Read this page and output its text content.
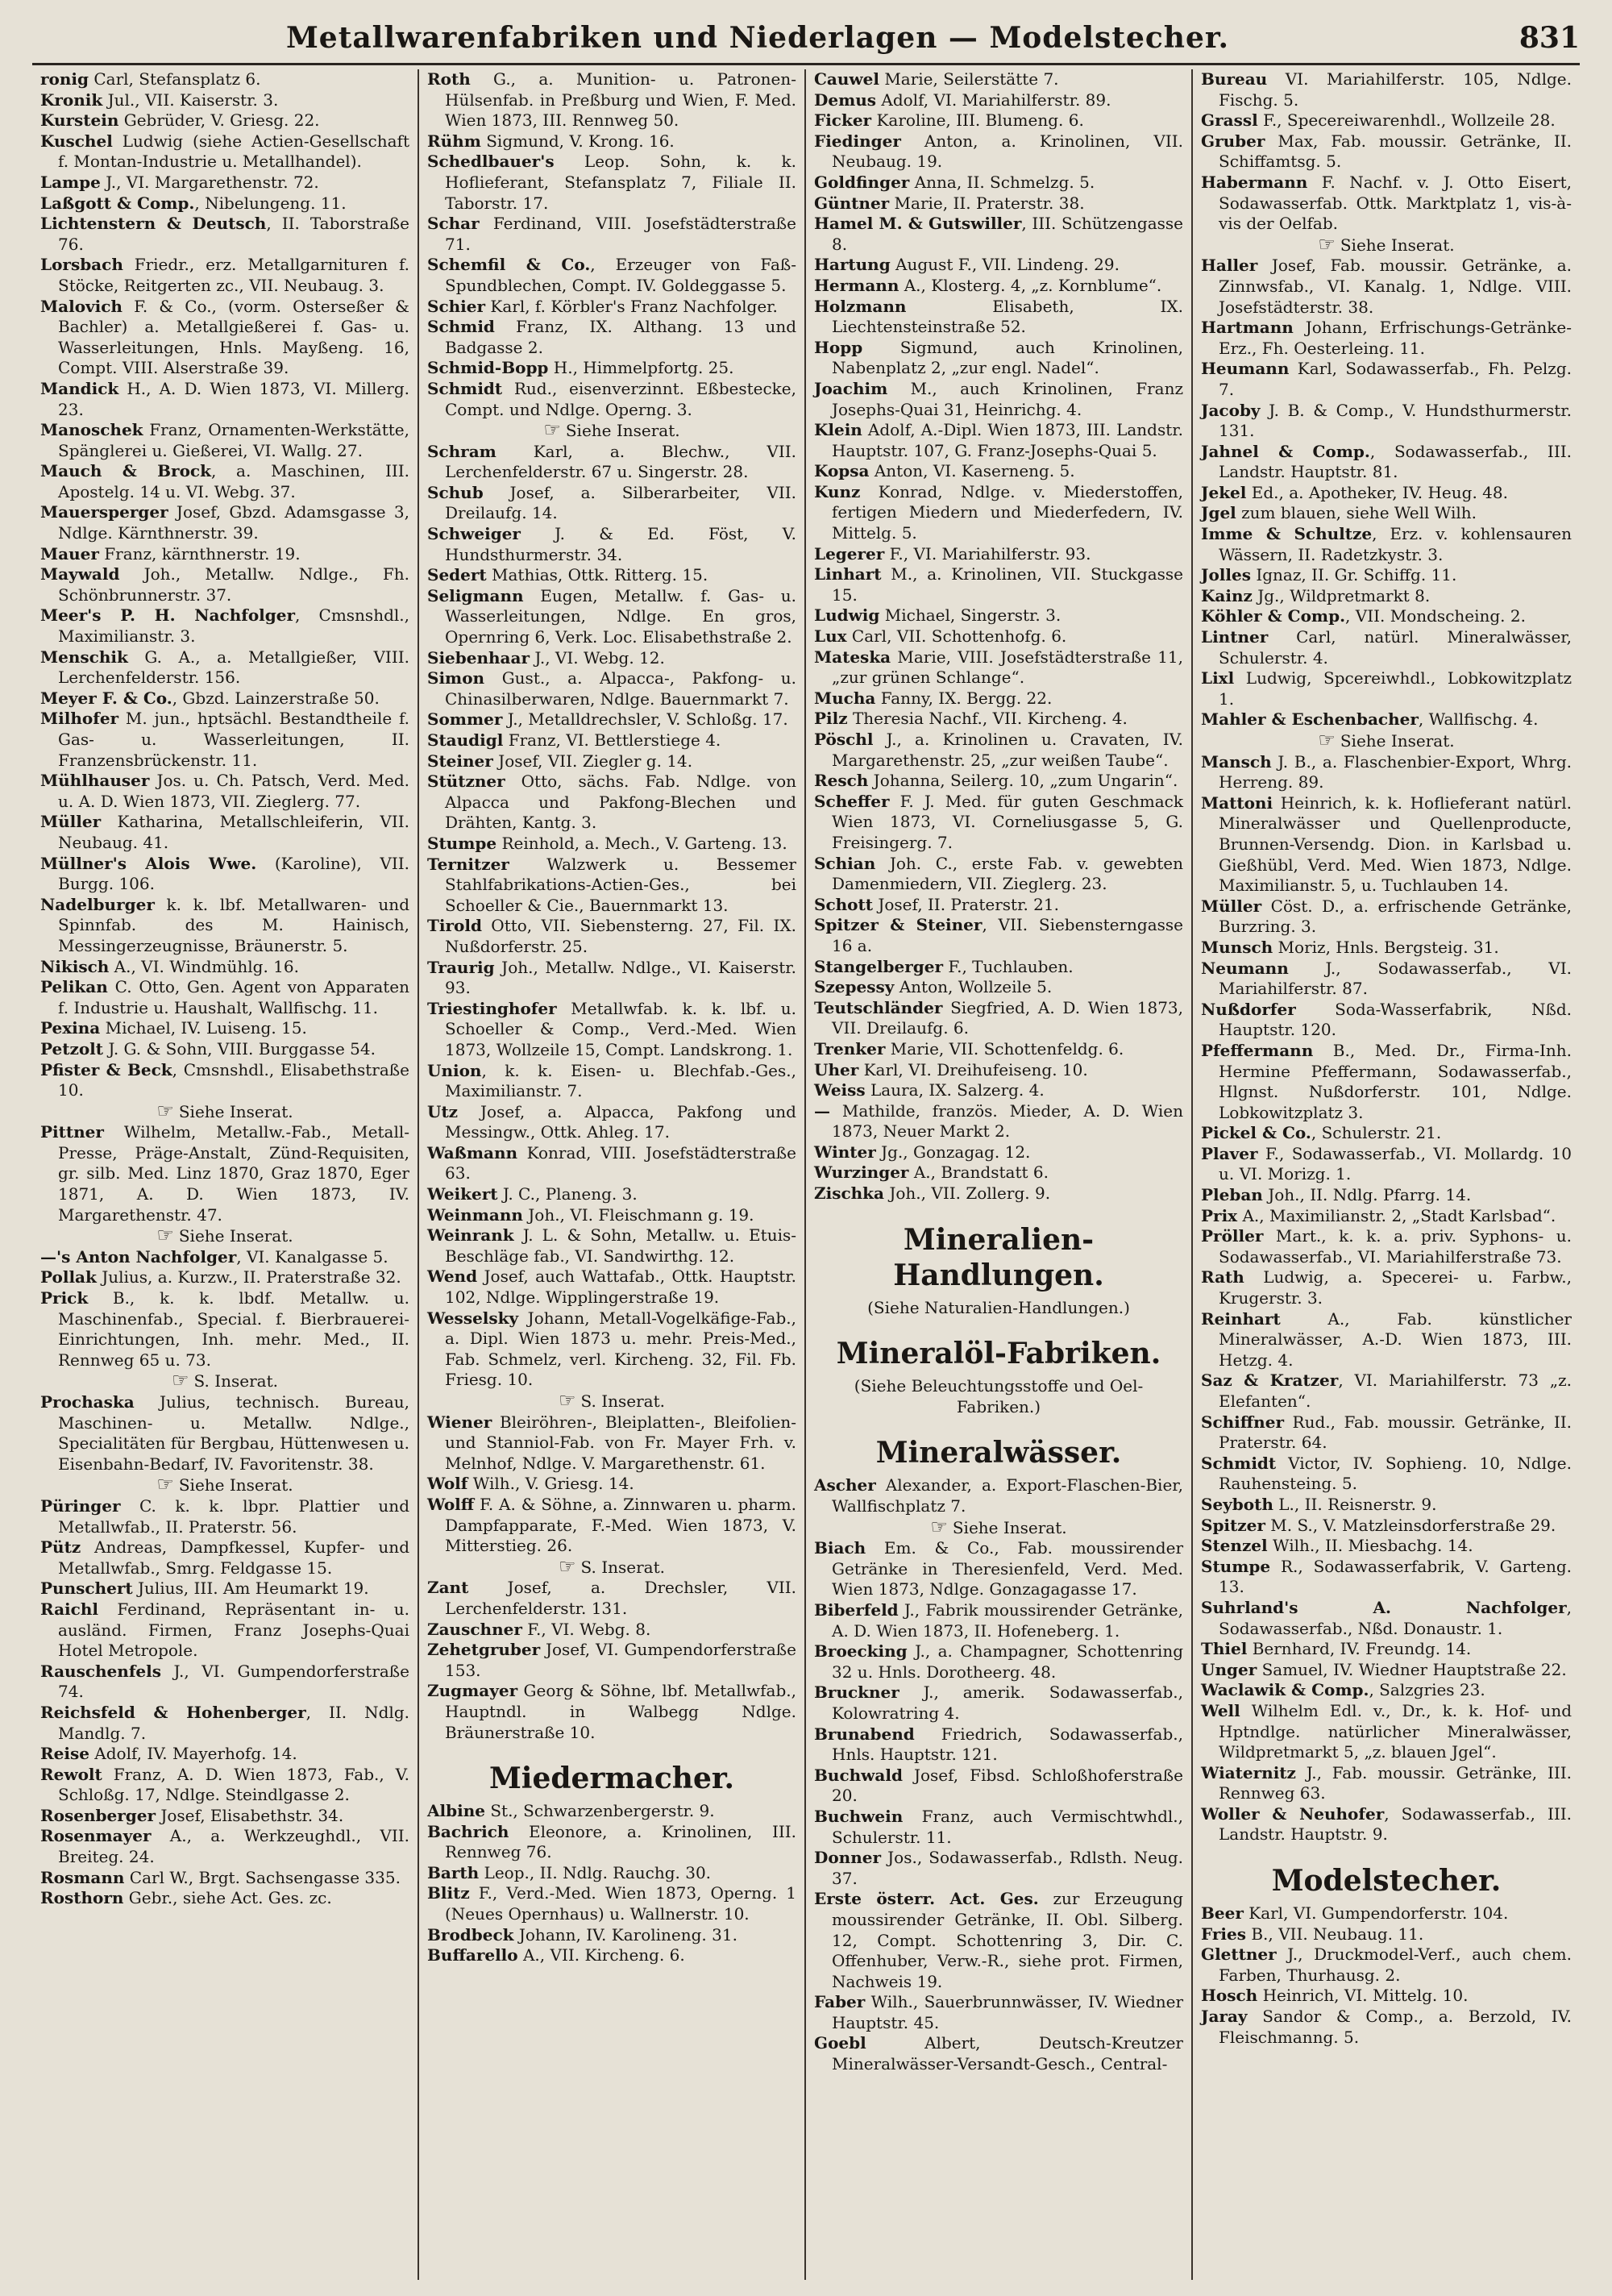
Metallwarenfabriken und Niederlagen — Modelstecher.	831

ronig Carl, Stefansplatz 6.

Kronik Jul., VII. Kaiserstr. 3.

Kurstein Gebrüder, V. Griesg. 22.

Kuschel Ludwig (siehe Actien-Gesellschaft f. Montan-Industrie u. Metallhandel).

Lampe J., VI. Margarethenstr. 72.

Laßgott & Comp., Nibelungeng. 11.

Lichtenstern & Deutsch, II. Taborstraße 76.

Lorsbach Friedr., erz. Metallgarnituren f. Stöcke, Reitgerten zc., VII. Neubaug. 3.

Malovich F. & Co., (vorm. Osterseßer & Bachler) a. Metallgießerei f. Gas- u. Wasserleitungen, Hnls. Mayßeng. 16, Compt. VIII. Alserstraße 39.

Mandick H., A. D. Wien 1873, VI. Millerg. 23.

Manoschek Franz, Ornamenten-Werkstätte, Spänglerei u. Gießerei, VI. Wallg. 27.

Mauch & Brock, a. Maschinen, III. Apostelg. 14 u. VI. Webg. 37.

Mauersperger Josef, Gbzd. Adamsgasse 3, Ndlge. Kärnthnerstr. 39.

Mauer Franz, kärnthnerstr. 19.

Maywald Joh., Metallw. Ndlge., Fh. Schönbrunnerstr. 37.

Meer's P. H. Nachfolger, Cmsnshdl., Maximilianstr. 3.

Menschik G. A., a. Metallgießer, VIII. Lerchenfelderstr. 156.

Meyer F. & Co., Gbzd. Lainzerstraße 50.

Milhofer M. jun., hptsächl. Bestandtheile f. Gas- u. Wasserleitungen, II. Franzensbrückenstr. 11.

Mühlhauser Jos. u. Ch. Patsch, Verd. Med. u. A. D. Wien 1873, VII. Zieglerg. 77.

Müller Katharina, Metallschleiferin, VII. Neubaug. 41.

Müllner's Alois Wwe. (Karoline), VII. Burgg. 106.

Nadelburger k. k. lbf. Metallwaren- und Spinnfab. des M. Hainisch, Messingerzeugnisse, Bräunerstr. 5.

Nikisch A., VI. Windmühlg. 16.

Pelikan C. Otto, Gen. Agent von Apparaten f. Industrie u. Haushalt, Wallfischg. 11.

Pexina Michael, IV. Luiseng. 15.

Petzolt J. G. & Sohn, VIII. Burggasse 54.

Pfister & Beck, Cmsnshdl., Elisabethstraße 10.

☞ Siehe Inserat.

Pittner Wilhelm, Metallw.-Fab., Metall-Presse, Präge-Anstalt, Zünd-Requisiten, gr. silb. Med. Linz 1870, Graz 1870, Eger 1871, A. D. Wien 1873, IV. Margarethenstr. 47.

☞ Siehe Inserat.

—'s Anton Nachfolger, VI. Kanalgasse 5.

Pollak Julius, a. Kurzw., II. Praterstraße 32.

Prick B., k. k. lbdf. Metallw. u. Maschinenfab., Special. f. Bierbrauerei-Einrichtungen, Inh. mehr. Med., II. Rennweg 65 u. 73.

☞ S. Inserat.

Prochaska Julius, technisch. Bureau, Maschinen- u. Metallw. Ndlge., Specialitäten für Bergbau, Hüttenwesen u. Eisenbahn-Bedarf, IV. Favoritenstr. 38.

☞ Siehe Inserat.

Püringer C. k. k. lbpr. Plattier und Metallwfab., II. Praterstr. 56.

Pütz Andreas, Dampfkessel, Kupfer- und Metallwfab., Smrg. Feldgasse 15.

Punschert Julius, III. Am Heumarkt 19.

Raichl Ferdinand, Repräsentant in- u. ausländ. Firmen, Franz Josephs-Quai Hotel Metropole.

Rauschenfels J., VI. Gumpendorferstraße 74.

Reichsfeld & Hohenberger, II. Ndlg. Mandlg. 7.

Reise Adolf, IV. Mayerhofg. 14.

Rewolt Franz, A. D. Wien 1873, Fab., V. Schloßg. 17, Ndlge. Steindlgasse 2.

Rosenberger Josef, Elisabethstr. 34.

Rosenmayer A., a. Werkzeughdl., VII. Breiteg. 24.

Rosmann Carl W., Brgt. Sachsengasse 335.

Rosthorn Gebr., siehe Act. Ges. zc.

Roth G., a. Munition- u. Patronen-Hülsenfab. in Preßburg und Wien, F. Med. Wien 1873, III. Rennweg 50.

Rühm Sigmund, V. Krong. 16.

Schedlbauer's Leop. Sohn, k. k. Hoflieferant, Stefansplatz 7, Filiale II. Taborstr. 17.

Schar Ferdinand, VIII. Josefstädterstraße 71.

Schemfil & Co., Erzeuger von Faß-Spundblechen, Compt. IV. Goldeggasse 5.

Schier Karl, f. Körbler's Franz Nachfolger.

Schmid Franz, IX. Althang. 13 und Badgasse 2.

Schmid-Bopp H., Himmelpfortg. 25.

Schmidt Rud., eisenverzinnt. Eßbestecke, Compt. und Ndlge. Operng. 3.

☞ Siehe Inserat.

Schram Karl, a. Blechw., VII. Lerchenfelderstr. 67 u. Singerstr. 28.

Schub Josef, a. Silberarbeiter, VII. Dreilaufg. 14.

Schweiger J. & Ed. Föst, V. Hundsthurmerstr. 34.

Sedert Mathias, Ottk. Ritterg. 15.

Seligmann Eugen, Metallw. f. Gas- u. Wasserleitungen, Ndlge. En gros, Opernring 6, Verk. Loc. Elisabethstraße 2.

Siebenhaar J., VI. Webg. 12.

Simon Gust., a. Alpacca-, Pakfong- u. Chinasilberwaren, Ndlge. Bauernmarkt 7.

Sommer J., Metalldrechsler, V. Schloßg. 17.

Staudigl Franz, VI. Bettlerstiege 4.

Steiner Josef, VII. Ziegler g. 14.

Stützner Otto, sächs. Fab. Ndlge. von Alpacca und Pakfong-Blechen und Drähten, Kantg. 3.

Stumpe Reinhold, a. Mech., V. Garteng. 13.

Ternitzer Walzwerk u. Bessemer Stahlfabrikations-Actien-Ges., bei Schoeller & Cie., Bauernmarkt 13.

Tirold Otto, VII. Siebensterng. 27, Fil. IX. Nußdorferstr. 25.

Traurig Joh., Metallw. Ndlge., VI. Kaiserstr. 93.

Triestinghofer Metallwfab. k. k. lbf. u. Schoeller & Comp., Verd.-Med. Wien 1873, Wollzeile 15, Compt. Landskrong. 1.

Union, k. k. Eisen- u. Blechfab.-Ges., Maximilianstr. 7.

Utz Josef, a. Alpacca, Pakfong und Messingw., Ottk. Ahleg. 17.

Waßmann Konrad, VIII. Josefstädterstraße 63.

Weikert J. C., Planeng. 3.

Weinmann Joh., VI. Fleischmann g. 19.

Weinrank J. L. & Sohn, Metallw. u. Etuis-Beschläge fab., VI. Sandwirthg. 12.

Wend Josef, auch Wattafab., Ottk. Hauptstr. 102, Ndlge. Wipplingerstraße 19.

Wesselsky Johann, Metall-Vogelkäfige-Fab., a. Dipl. Wien 1873 u. mehr. Preis-Med., Fab. Schmelz, verl. Kircheng. 32, Fil. Fb. Friesg. 10.

☞ S. Inserat.

Wiener Bleiröhren-, Bleiplatten-, Bleifolien- und Stanniol-Fab. von Fr. Mayer Frh. v. Melnhof, Ndlge. V. Margarethenstr. 61.

Wolf Wilh., V. Griesg. 14.

Wolff F. A. & Söhne, a. Zinnwaren u. pharm. Dampfapparate, F.-Med. Wien 1873, V. Mitterstieg. 26.

☞ S. Inserat.

Zant Josef, a. Drechsler, VII. Lerchenfelderstr. 131.

Zauschner F., VI. Webg. 8.

Zehetgruber Josef, VI. Gumpendorferstraße 153.

Zugmayer Georg & Söhne, lbf. Metallwfab., Hauptndl. in Walbegg Ndlge. Bräunerstraße 10.

Miedermacher.

Albine St., Schwarzenbergerstr. 9.

Bachrich Eleonore, a. Krinolinen, III. Rennweg 76.

Barth Leop., II. Ndlg. Rauchg. 30.

Blitz F., Verd.-Med. Wien 1873, Operng. 1 (Neues Opernhaus) u. Wallnerstr. 10.

Brodbeck Johann, IV. Karolineng. 31.

Buffarello A., VII. Kircheng. 6.

Cauwel Marie, Seilerstätte 7.

Demus Adolf, VI. Mariahilferstr. 89.

Ficker Karoline, III. Blumeng. 6.

Fiedinger Anton, a. Krinolinen, VII. Neubaug. 19.

Goldfinger Anna, II. Schmelzg. 5.

Güntner Marie, II. Praterstr. 38.

Hamel M. & Gutswiller, III. Schützengasse 8.

Hartung August F., VII. Lindeng. 29.

Hermann A., Klosterg. 4, „z. Kornblume“.

Holzmann Elisabeth, IX. Liechtensteinstraße 52.

Hopp Sigmund, auch Krinolinen, Nabenplatz 2, „zur engl. Nadel“.

Joachim M., auch Krinolinen, Franz Josephs-Quai 31, Heinrichg. 4.

Klein Adolf, A.-Dipl. Wien 1873, III. Landstr. Hauptstr. 107, G. Franz-Josephs-Quai 5.

Kopsa Anton, VI. Kaserneng. 5.

Kunz Konrad, Ndlge. v. Miederstoffen, fertigen Miedern und Miederfedern, IV. Mittelg. 5.

Legerer F., VI. Mariahilferstr. 93.

Linhart M., a. Krinolinen, VII. Stuckgasse 15.

Ludwig Michael, Singerstr. 3.

Lux Carl, VII. Schottenhofg. 6.

Mateska Marie, VIII. Josefstädterstraße 11, „zur grünen Schlange“.

Mucha Fanny, IX. Bergg. 22.

Pilz Theresia Nachf., VII. Kircheng. 4.

Pöschl J., a. Krinolinen u. Cravaten, IV. Margarethenstr. 25, „zur weißen Taube“.

Resch Johanna, Seilerg. 10, „zum Ungarin“.

Scheffer F. J. Med. für guten Geschmack Wien 1873, VI. Corneliusgasse 5, G. Freisingerg. 7.

Schian Joh. C., erste Fab. v. gewebten Damenmiedern, VII. Zieglerg. 23.

Schott Josef, II. Praterstr. 21.

Spitzer & Steiner, VII. Siebensterngasse 16 a.

Stangelberger F., Tuchlauben.

Szepessy Anton, Wollzeile 5.

Teutschländer Siegfried, A. D. Wien 1873, VII. Dreilaufg. 6.

Trenker Marie, VII. Schottenfeldg. 6.

Uher Karl, VI. Dreihufeiseng. 10.

Weiss Laura, IX. Salzerg. 4.

— Mathilde, französ. Mieder, A. D. Wien 1873, Neuer Markt 2.

Winter Jg., Gonzagag. 12.

Wurzinger A., Brandstatt 6.

Zischka Joh., VII. Zollerg. 9.

Mineralien-Handlungen.

(Siehe Naturalien-Handlungen.)

Mineralöl-Fabriken.

(Siehe Beleuchtungsstoffe und Oel-Fabriken.)

Mineralwässer.

Ascher Alexander, a. Export-Flaschen-Bier, Wallfischplatz 7.

☞ Siehe Inserat.

Biach Em. & Co., Fab. moussirender Getränke in Theresienfeld, Verd. Med. Wien 1873, Ndlge. Gonzagagasse 17.

Biberfeld J., Fabrik moussirender Getränke, A. D. Wien 1873, II. Hofeneberg. 1.

Broecking J., a. Champagner, Schottenring 32 u. Hnls. Dorotheerg. 48.

Bruckner J., amerik. Sodawasserfab., Kolowratring 4.

Brunabend Friedrich, Sodawasserfab., Hnls. Hauptstr. 121.

Buchwald Josef, Fibsd. Schloßhoferstraße 20.

Buchwein Franz, auch Vermischtwhdl., Schulerstr. 11.

Donner Jos., Sodawasserfab., Rdlsth. Neug. 37.

Erste österr. Act. Ges. zur Erzeugung moussirender Getränke, II. Obl. Silberg. 12, Compt. Schottenring 3, Dir. C. Offenhuber, Verw.-R., siehe prot. Firmen, Nachweis 19.

Faber Wilh., Sauerbrunnwässer, IV. Wiedner Hauptstr. 45.

Goebl Albert, Deutsch-Kreutzer Mineralwässer-Versandt-Gesch., Central-

Bureau VI. Mariahilferstr. 105, Ndlge. Fischg. 5.

Grassl F., Specereiwarenhdl., Wollzeile 28.

Gruber Max, Fab. moussir. Getränke, II. Schiffamtsg. 5.

Habermann F. Nachf. v. J. Otto Eisert, Sodawasserfab. Ottk. Marktplatz 1, vis-à-vis der Oelfab.

☞ Siehe Inserat.

Haller Josef, Fab. moussir. Getränke, a. Zinnwsfab., VI. Kanalg. 1, Ndlge. VIII. Josefstädterstr. 38.

Hartmann Johann, Erfrischungs-Getränke-Erz., Fh. Oesterleing. 11.

Heumann Karl, Sodawasserfab., Fh. Pelzg. 7.

Jacoby J. B. & Comp., V. Hundsthurmerstr. 131.

Jahnel & Comp., Sodawasserfab., III. Landstr. Hauptstr. 81.

Jekel Ed., a. Apotheker, IV. Heug. 48.

Jgel zum blauen, siehe Well Wilh.

Imme & Schultze, Erz. v. kohlensauren Wässern, II. Radetzkystr. 3.

Jolles Ignaz, II. Gr. Schiffg. 11.

Kainz Jg., Wildpretmarkt 8.

Köhler & Comp., VII. Mondscheing. 2.

Lintner Carl, natürl. Mineralwässer, Schulerstr. 4.

Lixl Ludwig, Spcereiwhdl., Lobkowitzplatz 1.

Mahler & Eschenbacher, Wallfischg. 4.

☞ Siehe Inserat.

Mansch J. B., a. Flaschenbier-Export, Whrg. Herreng. 89.

Mattoni Heinrich, k. k. Hoflieferant natürl. Mineralwässer und Quellenproducte, Brunnen-Versendg. Dion. in Karlsbad u. Gießhübl, Verd. Med. Wien 1873, Ndlge. Maximilianstr. 5, u. Tuchlauben 14.

Müller Cöst. D., a. erfrischende Getränke, Burzring. 3.

Munsch Moriz, Hnls. Bergsteig. 31.

Neumann J., Sodawasserfab., VI. Mariahilferstr. 87.

Nußdorfer Soda-Wasserfabrik, Nßd. Hauptstr. 120.

Pfeffermann B., Med. Dr., Firma-Inh. Hermine Pfeffermann, Sodawasserfab., Hlgnst. Nußdorferstr. 101, Ndlge. Lobkowitzplatz 3.

Pickel & Co., Schulerstr. 21.

Plaver F., Sodawasserfab., VI. Mollardg. 10 u. VI. Morizg. 1.

Pleban Joh., II. Ndlg. Pfarrg. 14.

Prix A., Maximilianstr. 2, „Stadt Karlsbad“.

Pröller Mart., k. k. a. priv. Syphons- u. Sodawasserfab., VI. Mariahilferstraße 73.

Rath Ludwig, a. Specerei- u. Farbw., Krugerstr. 3.

Reinhart A., Fab. künstlicher Mineralwässer, A.-D. Wien 1873, III. Hetzg. 4.

Saz & Kratzer, VI. Mariahilferstr. 73 „z. Elefanten“.

Schiffner Rud., Fab. moussir. Getränke, II. Praterstr. 64.

Schmidt Victor, IV. Sophieng. 10, Ndlge. Rauhensteing. 5.

Seyboth L., II. Reisnerstr. 9.

Spitzer M. S., V. Matzleinsdorferstraße 29.

Stenzel Wilh., II. Miesbachg. 14.

Stumpe R., Sodawasserfabrik, V. Garteng. 13.

Suhrland's A. Nachfolger, Sodawasserfab., Nßd. Donaustr. 1.

Thiel Bernhard, IV. Freundg. 14.

Unger Samuel, IV. Wiedner Hauptstraße 22.

Waclawik & Comp., Salzgries 23.

Well Wilhelm Edl. v., Dr., k. k. Hof- und Hptndlge. natürlicher Mineralwässer, Wildpretmarkt 5, „z. blauen Jgel“.

Wiaternitz J., Fab. moussir. Getränke, III. Rennweg 63.

Woller & Neuhofer, Sodawasserfab., III. Landstr. Hauptstr. 9.

Modelstecher.

Beer Karl, VI. Gumpendorferstr. 104.

Fries B., VII. Neubaug. 11.

Glettner J., Druckmodel-Verf., auch chem. Farben, Thurhausg. 2.

Hosch Heinrich, VI. Mittelg. 10.

Jaray Sandor & Comp., a. Berzold, IV. Fleischmanng. 5.
